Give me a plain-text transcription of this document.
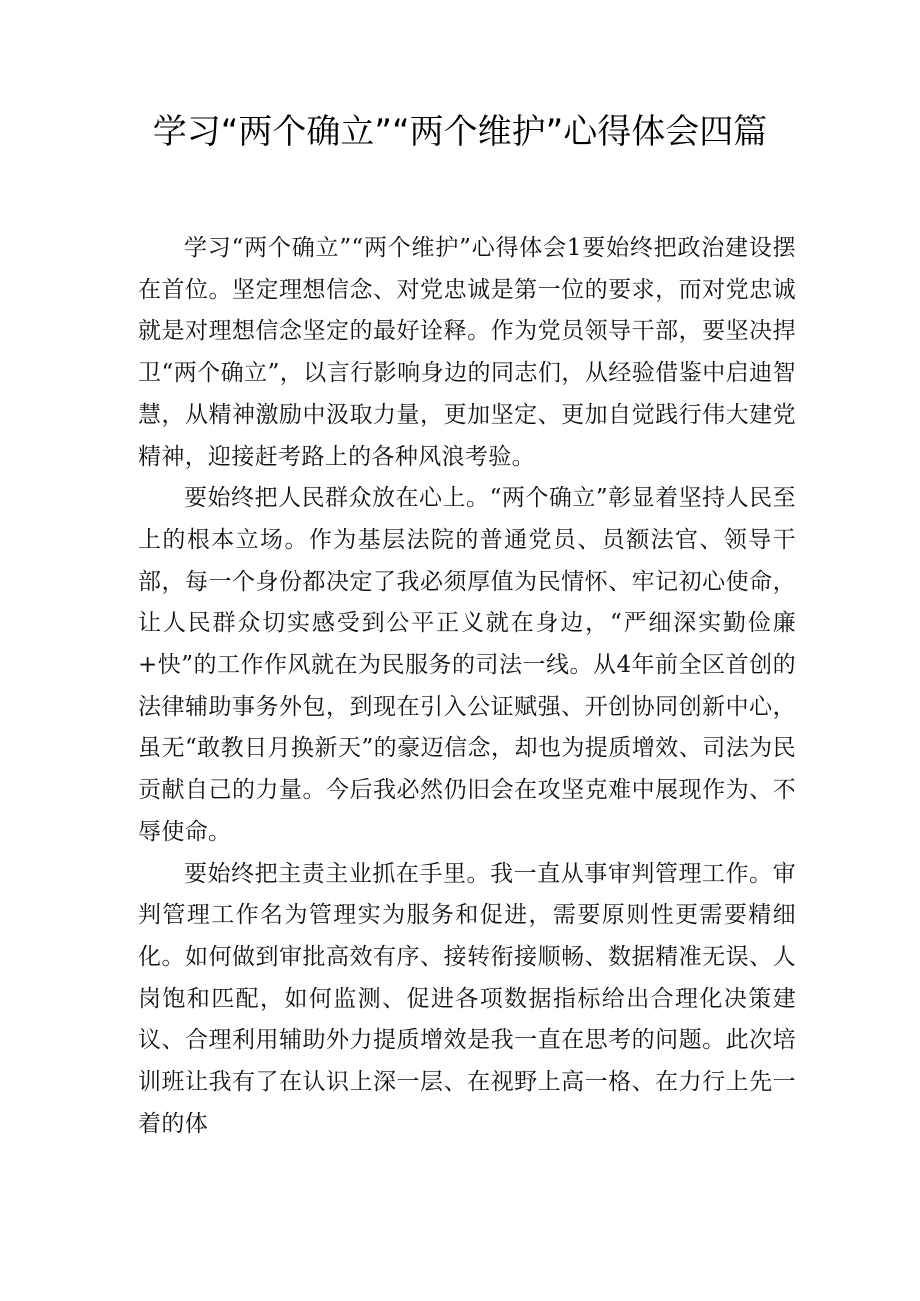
学习“两个确立”“两个维护”心得体会四篇

学习“两个确立”“两个维护”心得体会1要始终把政治建设摆在首位。坚定理想信念、对党忠诚是第一位的要求，而对党忠诚就是对理想信念坚定的最好诠释。作为党员领导干部，要坚决捍卫“两个确立”，以言行影响身边的同志们，从经验借鉴中启迪智慧，从精神激励中汲取力量，更加坚定、更加自觉践行伟大建党精神，迎接赶考路上的各种风浪考验。

要始终把人民群众放在心上。“两个确立”彰显着坚持人民至上的根本立场。作为基层法院的普通党员、员额法官、领导干部，每一个身份都决定了我必须厚值为民情怀、牢记初心使命，让人民群众切实感受到公平正义就在身边，“严细深实勤俭廉+快”的工作作风就在为民服务的司法一线。从4年前全区首创的法律辅助事务外包，到现在引入公证赋强、开创协同创新中心，虽无“敢教日月换新天”的豪迈信念，却也为提质增效、司法为民贡献自己的力量。今后我必然仍旧会在攻坚克难中展现作为、不辱使命。

要始终把主责主业抓在手里。我一直从事审判管理工作。审判管理工作名为管理实为服务和促进，需要原则性更需要精细化。如何做到审批高效有序、接转衔接顺畅、数据精准无误、人岗饱和匹配，如何监测、促进各项数据指标给出合理化决策建议、合理利用辅助外力提质增效是我一直在思考的问题。此次培训班让我有了在认识上深一层、在视野上高一格、在力行上先一着的体
